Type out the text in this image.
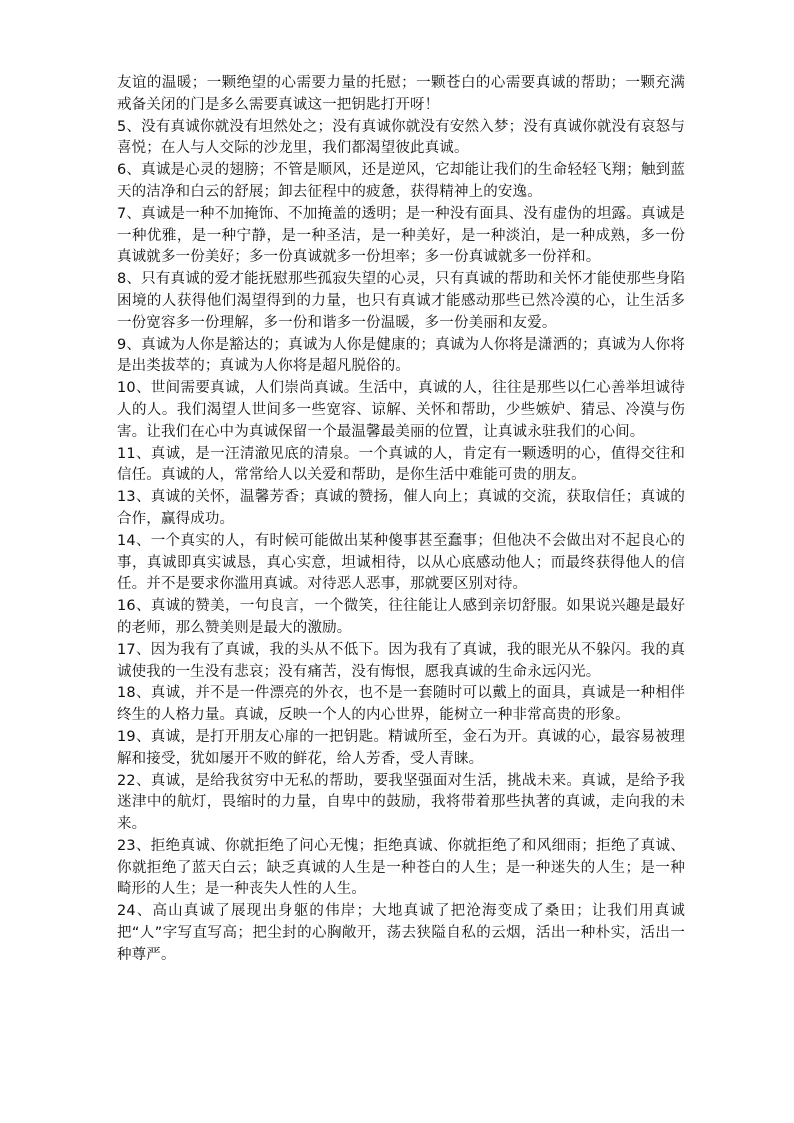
友谊的温暖；一颗绝望的心需要力量的托慰；一颗苍白的心需要真诚的帮助；一颗充满戒备关闭的门是多么需要真诚这一把钥匙打开呀！

5、没有真诚你就没有坦然处之；没有真诚你就没有安然入梦；没有真诚你就没有哀怒与喜悦；在人与人交际的沙龙里，我们都渴望彼此真诚。

6、真诚是心灵的翅膀；不管是顺风，还是逆风，它却能让我们的生命轻轻飞翔；触到蓝天的洁净和白云的舒展；卸去征程中的疲惫，获得精神上的安逸。

7、真诚是一种不加掩饰、不加掩盖的透明；是一种没有面具、没有虚伪的坦露。真诚是一种优雅，是一种宁静，是一种圣洁，是一种美好，是一种淡泊，是一种成熟，多一份真诚就多一份美好；多一份真诚就多一份坦率；多一份真诚就多一份祥和。

8、只有真诚的爱才能抚慰那些孤寂失望的心灵，只有真诚的帮助和关怀才能使那些身陷困境的人获得他们渴望得到的力量，也只有真诚才能感动那些已然冷漠的心，让生活多一份宽容多一份理解，多一份和谐多一份温暖，多一份美丽和友爱。

9、真诚为人你是豁达的；真诚为人你是健康的；真诚为人你将是潇洒的；真诚为人你将是出类拔萃的；真诚为人你将是超凡脱俗的。

10、世间需要真诚，人们崇尚真诚。生活中，真诚的人，往往是那些以仁心善举坦诚待人的人。我们渴望人世间多一些宽容、谅解、关怀和帮助，少些嫉妒、猜忌、冷漠与伤害。让我们在心中为真诚保留一个最温馨最美丽的位置，让真诚永驻我们的心间。

11、真诚，是一汪清澈见底的清泉。一个真诚的人，肯定有一颗透明的心，值得交往和信任。真诚的人，常常给人以关爱和帮助，是你生活中难能可贵的朋友。

13、真诚的关怀，温馨芳香；真诚的赞扬，催人向上；真诚的交流，获取信任；真诚的合作，赢得成功。

14、一个真实的人，有时候可能做出某种傻事甚至蠢事；但他决不会做出对不起良心的事，真诚即真实诚恳，真心实意，坦诚相待，以从心底感动他人；而最终获得他人的信任。并不是要求你滥用真诚。对待恶人恶事，那就要区别对待。

16、真诚的赞美，一句良言，一个微笑，往往能让人感到亲切舒服。如果说兴趣是最好的老师，那么赞美则是最大的激励。

17、因为我有了真诚，我的头从不低下。因为我有了真诚，我的眼光从不躲闪。我的真诚使我的一生没有悲哀；没有痛苦，没有悔恨，愿我真诚的生命永远闪光。

18、真诚，并不是一件漂亮的外衣，也不是一套随时可以戴上的面具，真诚是一种相伴终生的人格力量。真诚，反映一个人的内心世界，能树立一种非常高贵的形象。

19、真诚，是打开朋友心扉的一把钥匙。精诚所至，金石为开。真诚的心，最容易被理解和接受，犹如屡开不败的鲜花，给人芳香，受人青睐。

22、真诚，是给我贫穷中无私的帮助，要我坚强面对生活，挑战未来。真诚，是给予我迷津中的航灯，畏缩时的力量，自卑中的鼓励，我将带着那些执著的真诚，走向我的未来。

23、拒绝真诚、你就拒绝了问心无愧；拒绝真诚、你就拒绝了和风细雨；拒绝了真诚、你就拒绝了蓝天白云；缺乏真诚的人生是一种苍白的人生；是一种迷失的人生；是一种畸形的人生；是一种丧失人性的人生。

24、高山真诚了展现出身躯的伟岸；大地真诚了把沧海变成了桑田；让我们用真诚把“人”字写直写高；把尘封的心胸敞开，荡去狭隘自私的云烟，活出一种朴实，活出一种尊严。
